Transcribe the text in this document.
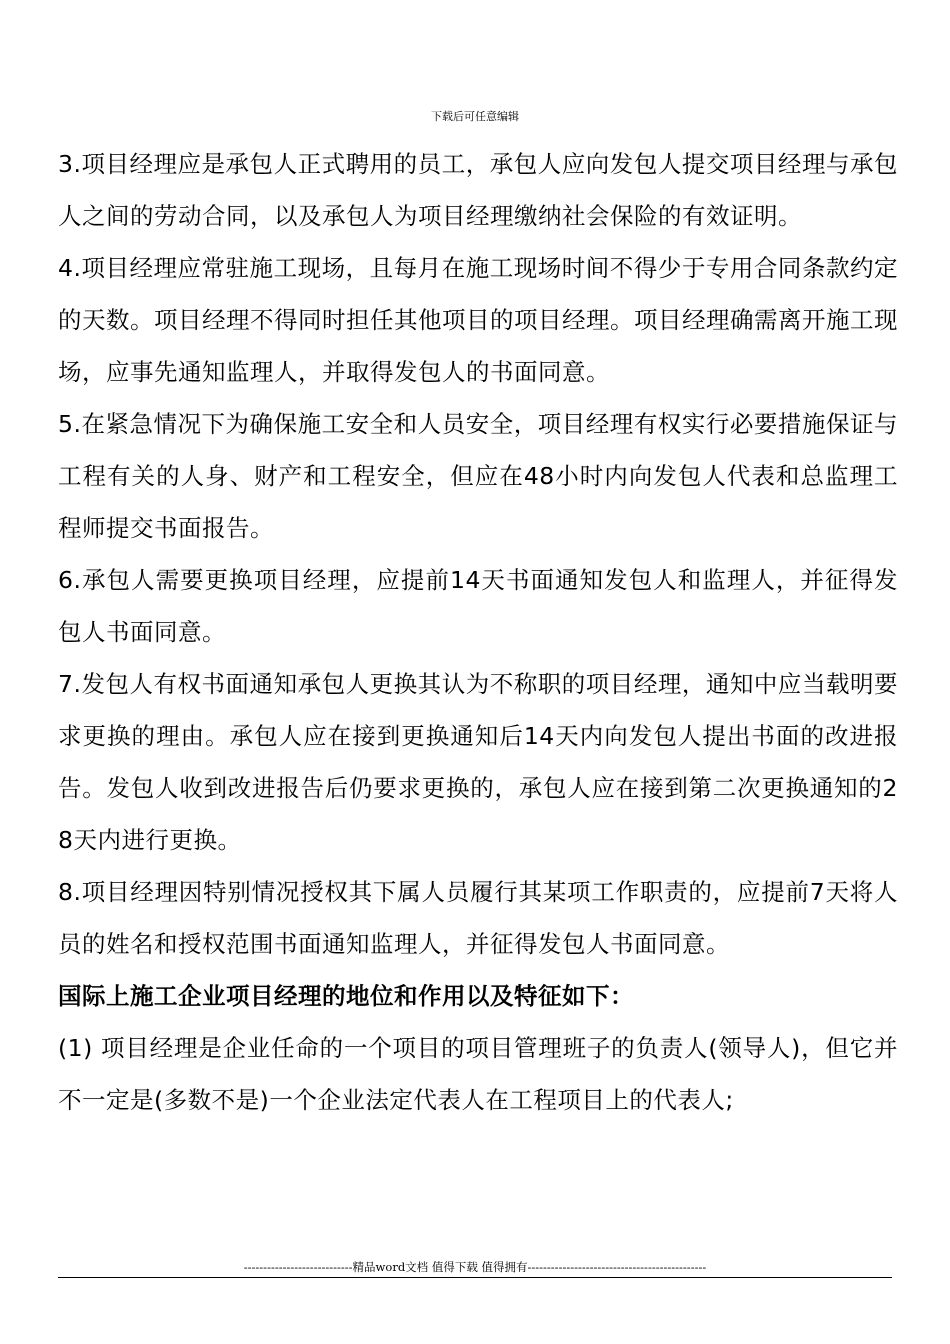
下载后可任意编辑

3.项目经理应是承包人正式聘用的员工，承包人应向发包人提交项目经理与承包人之间的劳动合同，以及承包人为项目经理缴纳社会保险的有效证明。

4.项目经理应常驻施工现场，且每月在施工现场时间不得少于专用合同条款约定的天数。项目经理不得同时担任其他项目的项目经理。项目经理确需离开施工现场，应事先通知监理人，并取得发包人的书面同意。

5.在紧急情况下为确保施工安全和人员安全，项目经理有权实行必要措施保证与工程有关的人身、财产和工程安全，但应在48小时内向发包人代表和总监理工程师提交书面报告。

6.承包人需要更换项目经理，应提前14天书面通知发包人和监理人，并征得发包人书面同意。

7.发包人有权书面通知承包人更换其认为不称职的项目经理，通知中应当载明要求更换的理由。承包人应在接到更换通知后14天内向发包人提出书面的改进报告。发包人收到改进报告后仍要求更换的，承包人应在接到第二次更换通知的28天内进行更换。

8.项目经理因特别情况授权其下属人员履行其某项工作职责的，应提前7天将人员的姓名和授权范围书面通知监理人，并征得发包人书面同意。

国际上施工企业项目经理的地位和作用以及特征如下：

(1) 项目经理是企业任命的一个项目的项目管理班子的负责人(领导人)，但它并不一定是(多数不是)一个企业法定代表人在工程项目上的代表人;

----------------------------精品word文档 值得下载 值得拥有----------------------------------------------
